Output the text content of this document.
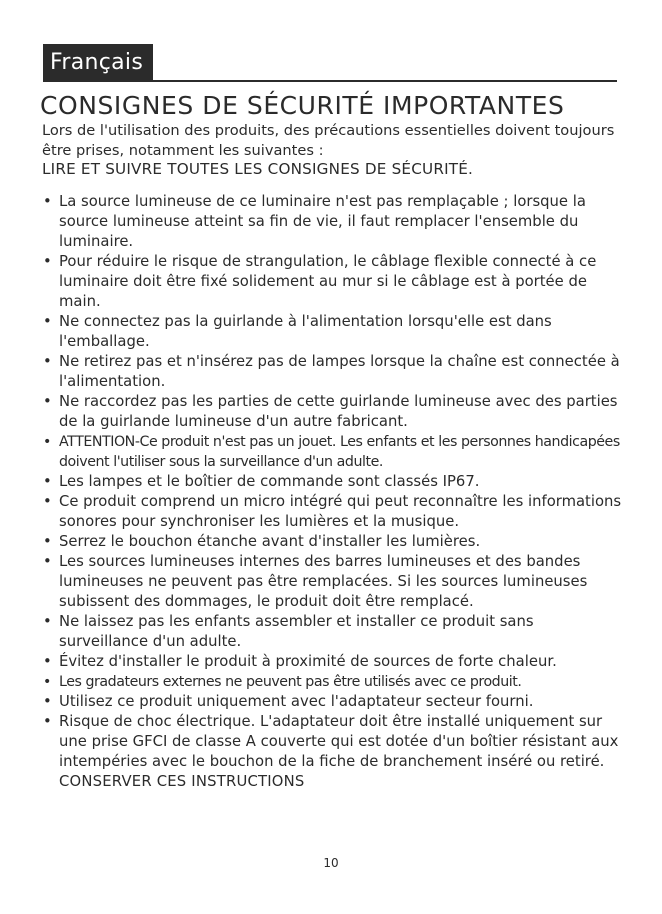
Français
CONSIGNES DE SÉCURITÉ IMPORTANTES

Lors de l'utilisation des produits, des précautions essentielles doivent toujours être prises, notamment les suivantes :

LIRE ET SUIVRE TOUTES LES CONSIGNES DE SÉCURITÉ.

• La source lumineuse de ce luminaire n'est pas remplaçable ; lorsque la source lumineuse atteint sa fin de vie, il faut remplacer l'ensemble du luminaire.
• Pour réduire le risque de strangulation, le câblage flexible connecté à ce luminaire doit être fixé solidement au mur si le câblage est à portée de main.
• Ne connectez pas la guirlande à l'alimentation lorsqu'elle est dans l'emballage.
• Ne retirez pas et n'insérez pas de lampes lorsque la chaîne est connectée à l'alimentation.
• Ne raccordez pas les parties de cette guirlande lumineuse avec des parties de la guirlande lumineuse d'un autre fabricant.
• ATTENTION-Ce produit n'est pas un jouet. Les enfants et les personnes handicapées doivent l'utiliser sous la surveillance d'un adulte.
• Les lampes et le boîtier de commande sont classés IP67.
• Ce produit comprend un micro intégré qui peut reconnaître les informations sonores pour synchroniser les lumières et la musique.
• Serrez le bouchon étanche avant d'installer les lumières.
• Les sources lumineuses internes des barres lumineuses et des bandes lumineuses ne peuvent pas être remplacées. Si les sources lumineuses subissent des dommages, le produit doit être remplacé.
• Ne laissez pas les enfants assembler et installer ce produit sans surveillance d'un adulte.
• Évitez d'installer le produit à proximité de sources de forte chaleur.
• Les gradateurs externes ne peuvent pas être utilisés avec ce produit.
• Utilisez ce produit uniquement avec l'adaptateur secteur fourni.
• Risque de choc électrique. L'adaptateur doit être installé uniquement sur une prise GFCI de classe A couverte qui est dotée d'un boîtier résistant aux intempéries avec le bouchon de la fiche de branchement inséré ou retiré.

CONSERVER CES INSTRUCTIONS

10
